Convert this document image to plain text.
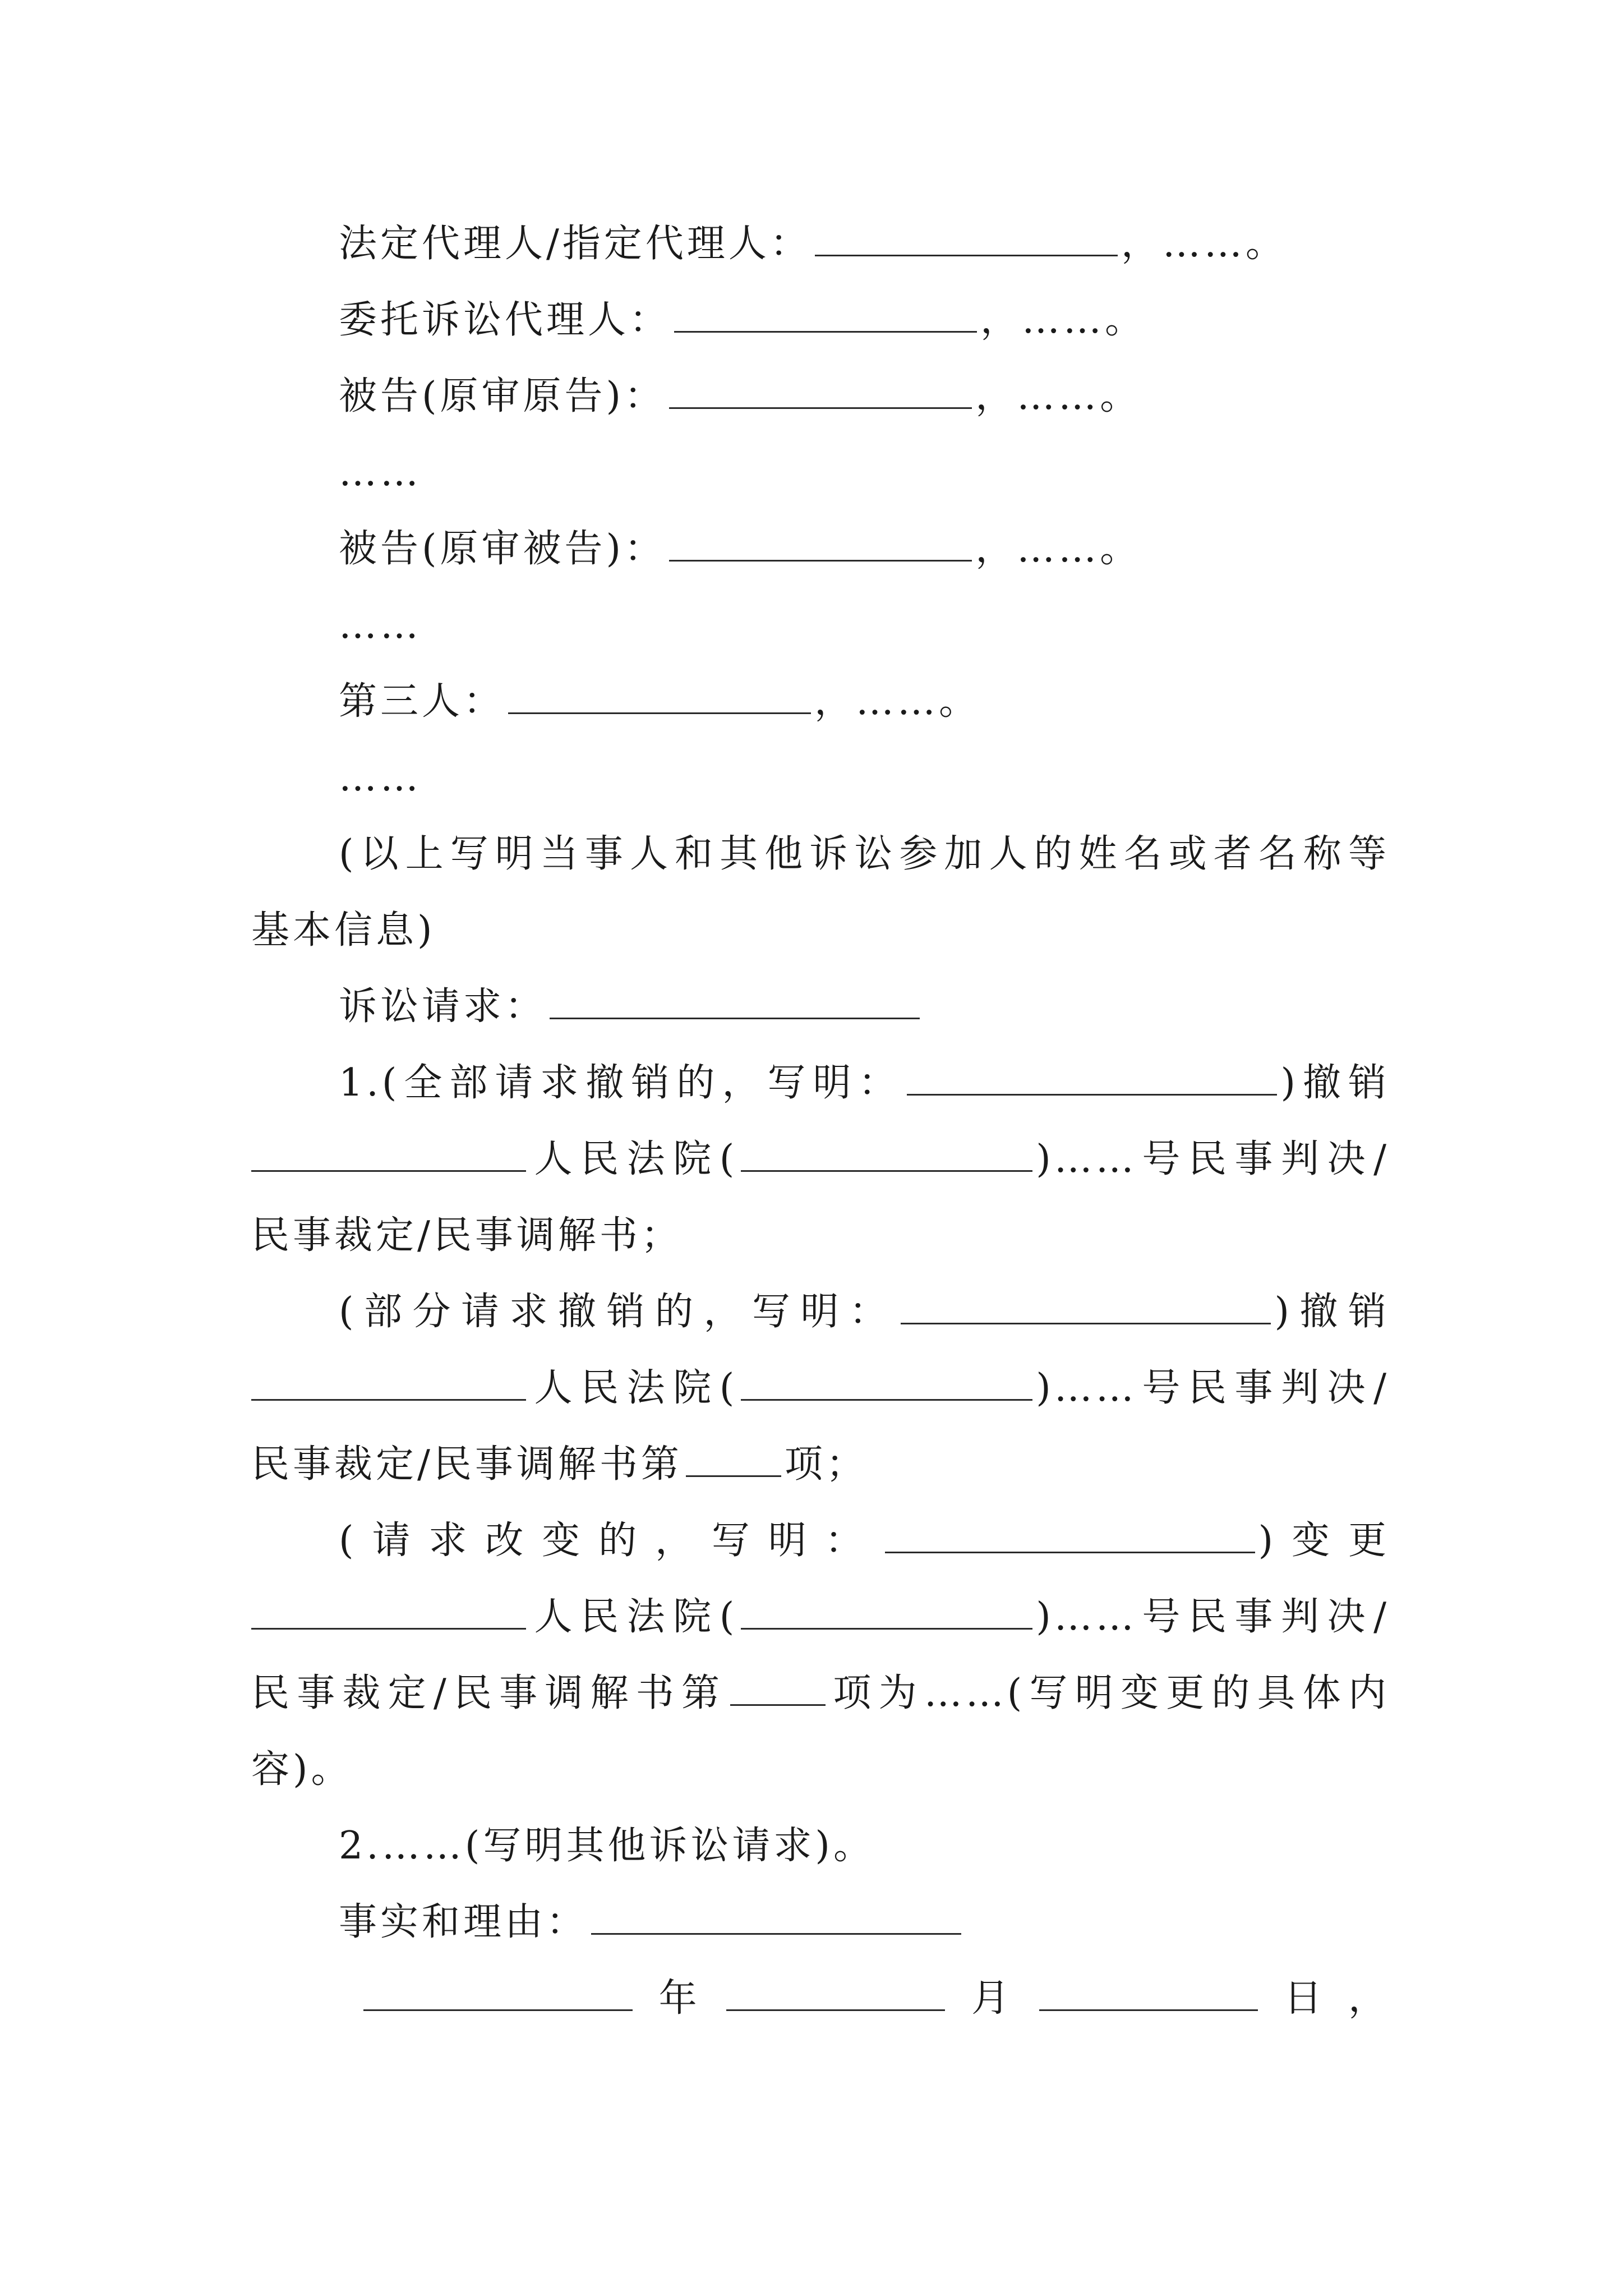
法定代理人/指定代理人：	，……。
委托诉讼代理人：	，……。
被告(原审原告)：	，……。
……
被告(原审被告)：	，……。
……
第三人：	，……。
……
(以上写明当事人和其他诉讼参加人的姓名或者名称等
基本信息)
诉讼请求：
1.(全部请求撤销的，写明：	)撤销
人民法院(	)……号民事判决/
民事裁定/民事调解书；
(部分请求撤销的，写明：	)撤销
人民法院(	)……号民事判决/
民事裁定/民事调解书第	项；
(请求改变的，写明：	)变更
人民法院(	)……号民事判决/
民事裁定/民事调解书第	项为……(写明变更的具体内
容)。
2.……(写明其他诉讼请求)。
事实和理由：
年	月	日，
